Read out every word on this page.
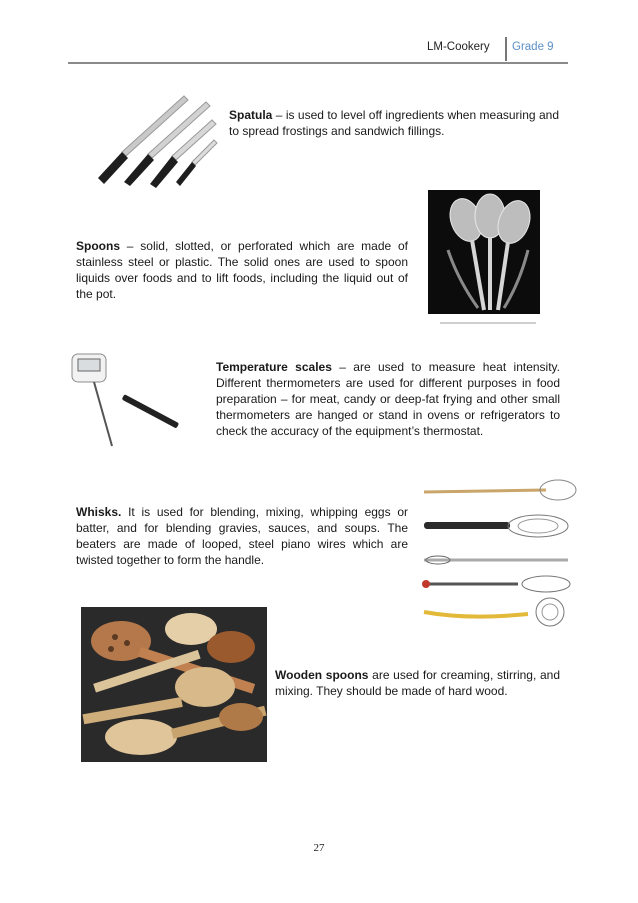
LM-Cookery Grade 9
Spatula – is used to level off ingredients when measuring and to spread frostings and sandwich fillings.
Spoons – solid, slotted, or perforated which are made of stainless steel or plastic. The solid ones are used to spoon liquids over foods and to lift foods, including the liquid out of the pot.
Temperature scales – are used to measure heat intensity. Different thermometers are used for different purposes in food preparation – for meat, candy or deep-fat frying and other small thermometers are hanged or stand in ovens or refrigerators to check the accuracy of the equipment’s thermostat.
Whisks. It is used for blending, mixing, whipping eggs or batter, and for blending gravies, sauces, and soups. The beaters are made of looped, steel piano wires which are twisted together to form the handle.
Wooden spoons are used for creaming, stirring, and mixing. They should be made of hard wood.
27
